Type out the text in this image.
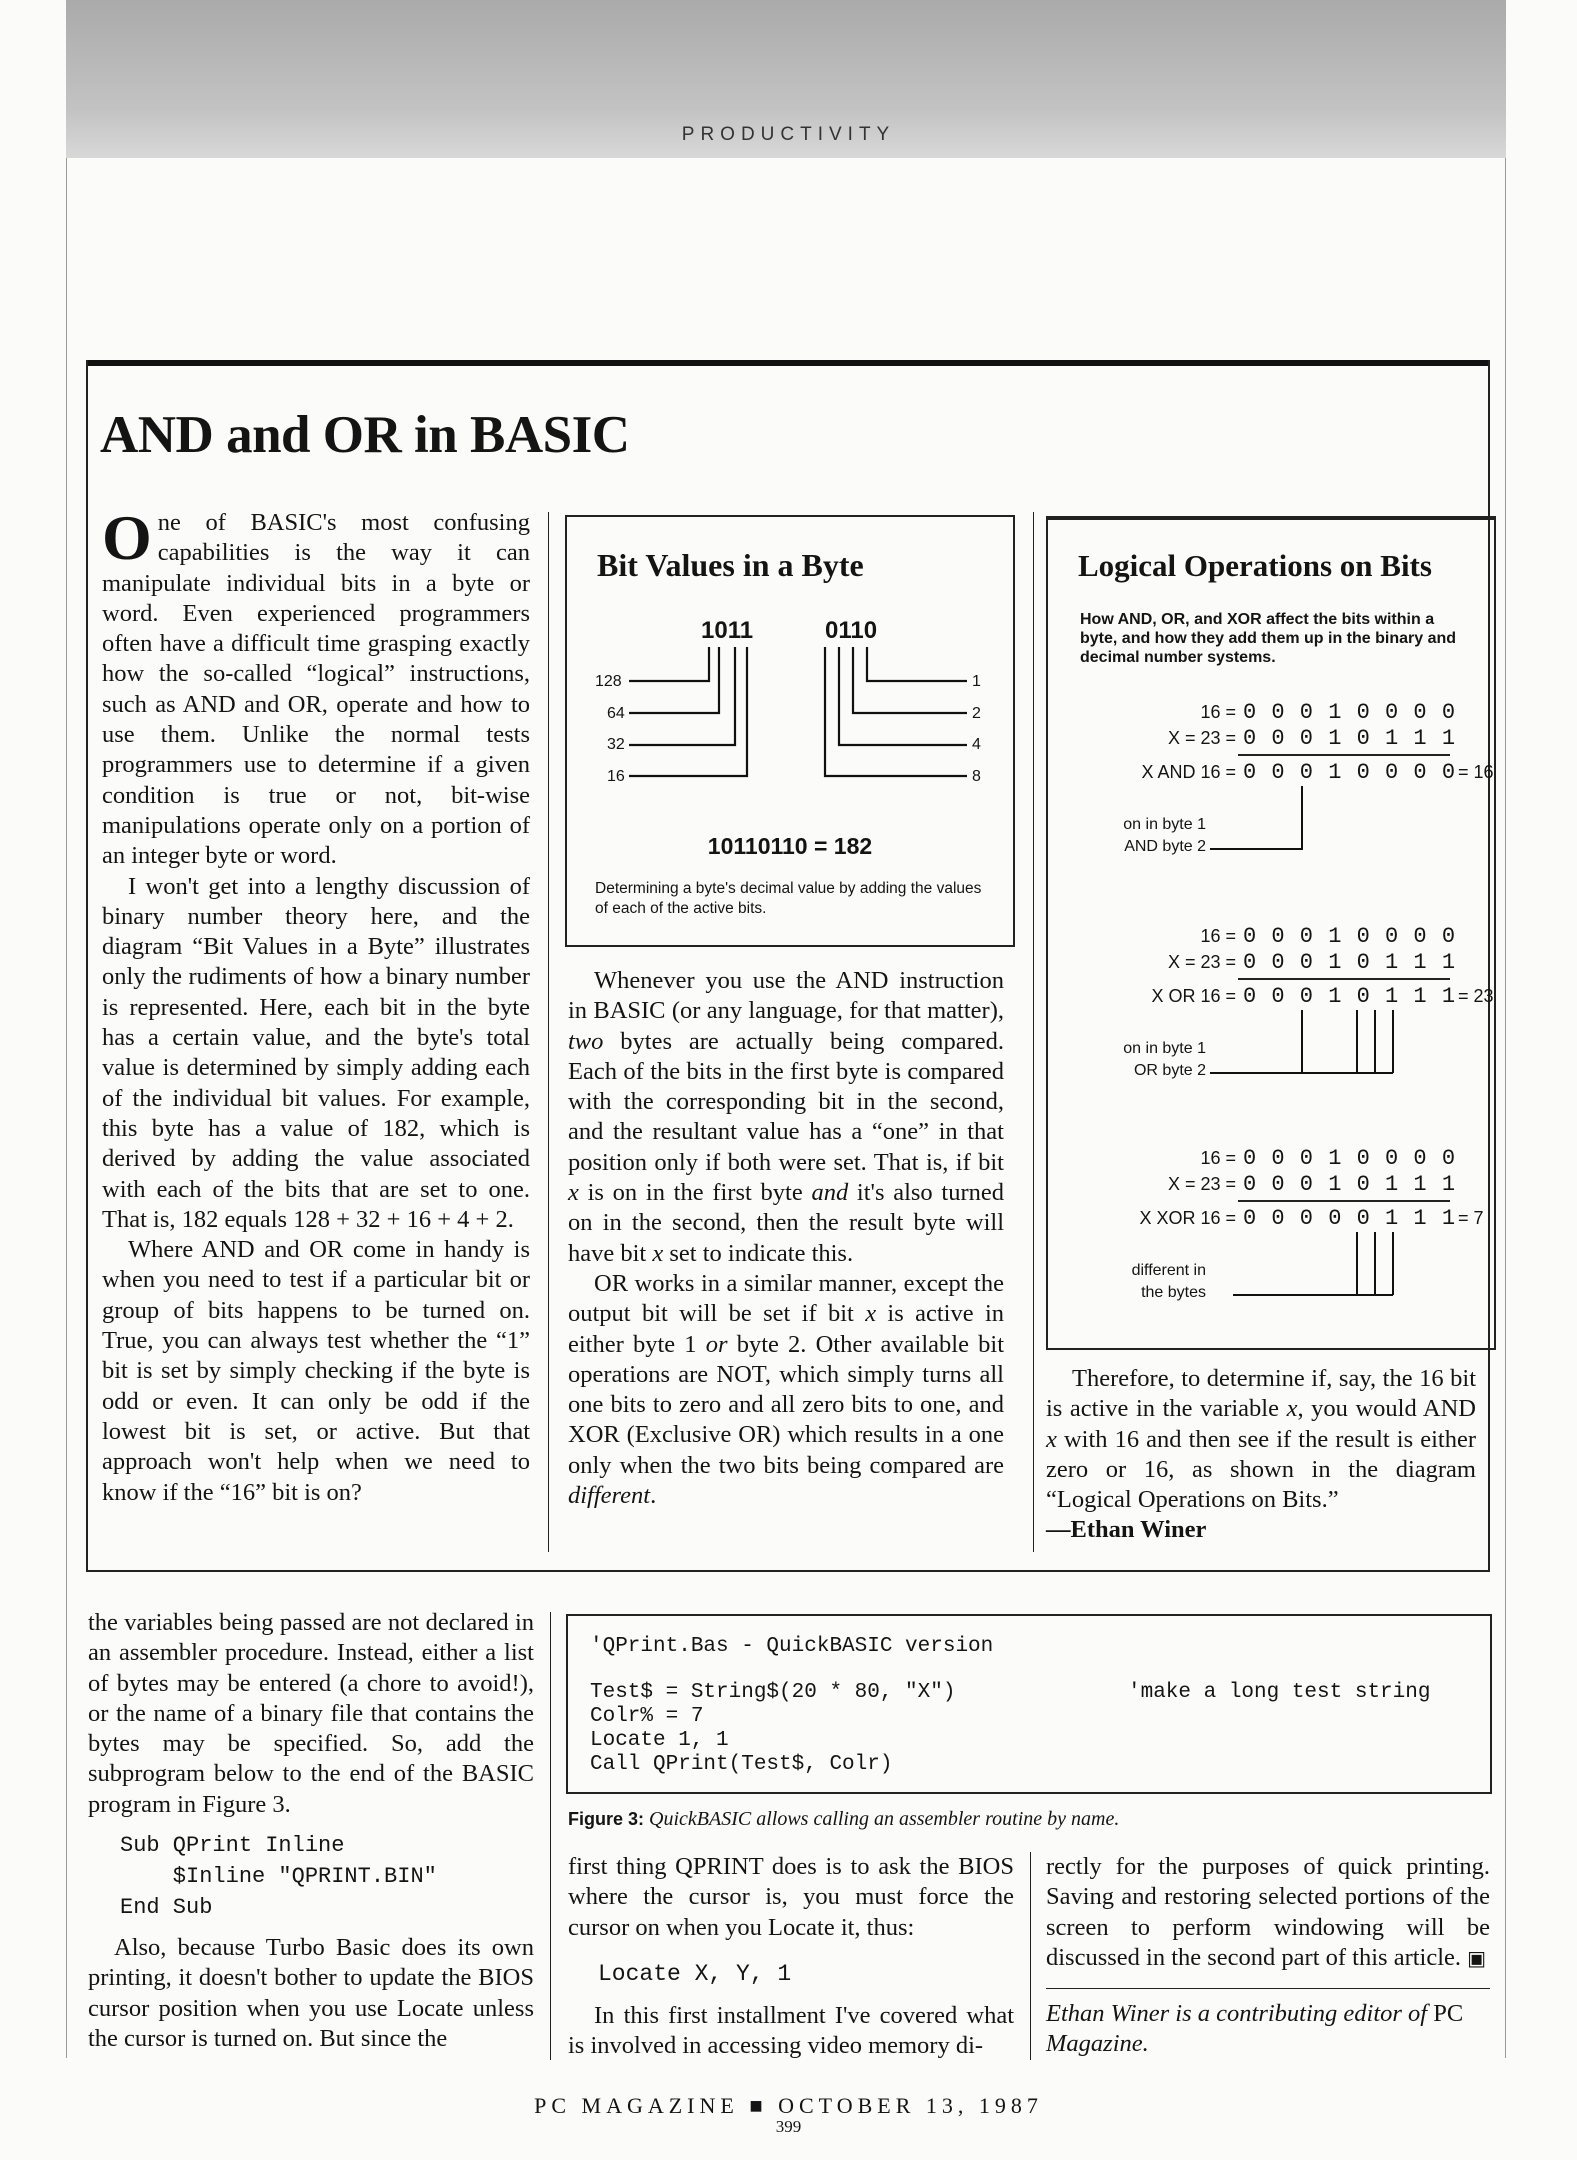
PRODUCTIVITY
AND and OR in BASIC

One of BASIC's most confusing capabilities is the way it can manipulate individual bits in a byte or word. Even experienced programmers often have a difficult time grasping exactly how the so-called “logical” instructions, such as AND and OR, operate and how to use them. Unlike the normal tests programmers use to determine if a given condition is true or not, bit-wise manipulations operate only on a portion of an integer byte or word.

I won't get into a lengthy discussion of binary number theory here, and the diagram “Bit Values in a Byte” illustrates only the rudiments of how a binary number is represented. Here, each bit in the byte has a certain value, and the byte's total value is determined by simply adding each of the individual bit values. For example, this byte has a value of 182, which is derived by adding the value associated with each of the bits that are set to one. That is, 182 equals 128 + 32 + 16 + 4 + 2.

Where AND and OR come in handy is when you need to test if a particular bit or group of bits happens to be turned on. True, you can always test whether the “1” bit is set by simply checking if the byte is odd or even. It can only be odd if the lowest bit is set, or active. But that approach won't help when we need to know if the “16” bit is on?

Bit Values in a Byte
1011	0110
128
64
32
16
1
2
4
8
10110110 = 182
Determining a byte's decimal value by adding the values of each of the active bits.

Whenever you use the AND instruction in BASIC (or any language, for that matter), two bytes are actually being compared. Each of the bits in the first byte is compared with the corresponding bit in the second, and the resultant value has a “one” in that position only if both were set. That is, if bit x is on in the first byte and it's also turned on in the second, then the result byte will have bit x set to indicate this.

OR works in a similar manner, except the output bit will be set if bit x is active in either byte 1 or byte 2. Other available bit operations are NOT, which simply turns all one bits to zero and all zero bits to one, and XOR (Exclusive OR) which results in a one only when the two bits being compared are different.

Logical Operations on Bits
How AND, OR, and XOR affect the bits within a byte, and how they add them up in the binary and decimal number systems.
16 = 0 0 0 1 0 0 0 0
X = 23 = 0 0 0 1 0 1 1 1
X AND 16 = 0 0 0 1 0 0 0 0 = 16
on in byte 1
AND byte 2
16 = 0 0 0 1 0 0 0 0
X = 23 = 0 0 0 1 0 1 1 1
X OR 16 = 0 0 0 1 0 1 1 1 = 23
on in byte 1
OR byte 2
16 = 0 0 0 1 0 0 0 0
X = 23 = 0 0 0 1 0 1 1 1
X XOR 16 = 0 0 0 0 0 1 1 1 = 7
different in
the bytes

Therefore, to determine if, say, the 16 bit is active in the variable x, you would AND x with 16 and then see if the result is either zero or 16, as shown in the diagram “Logical Operations on Bits.”

—Ethan Winer

the variables being passed are not declared in an assembler procedure. Instead, either a list of bytes may be entered (a chore to avoid!), or the name of a binary file that contains the bytes may be specified. So, add the subprogram below to the end of the BASIC program in Figure 3.

Sub QPrint Inline
$Inline "QPRINT.BIN"
End Sub

Also, because Turbo Basic does its own printing, it doesn't bother to update the BIOS cursor position when you use Locate unless the cursor is turned on. But since the

'QPrint.Bas - QuickBASIC version
Test$ = String$(20 * 80, "X")	'make a long test string
Colr% = 7
Locate 1, 1
Call QPrint(Test$, Colr)
Figure 3: QuickBASIC allows calling an assembler routine by name.

first thing QPRINT does is to ask the BIOS where the cursor is, you must force the cursor on when you Locate it, thus:

Locate X, Y, 1

In this first installment I've covered what is involved in accessing video memory di-

rectly for the purposes of quick printing. Saving and restoring selected portions of the screen to perform windowing will be discussed in the second part of this article. ▣

Ethan Winer is a contributing editor of PC Magazine.

PC MAGAZINE ■ OCTOBER 13, 1987
399
